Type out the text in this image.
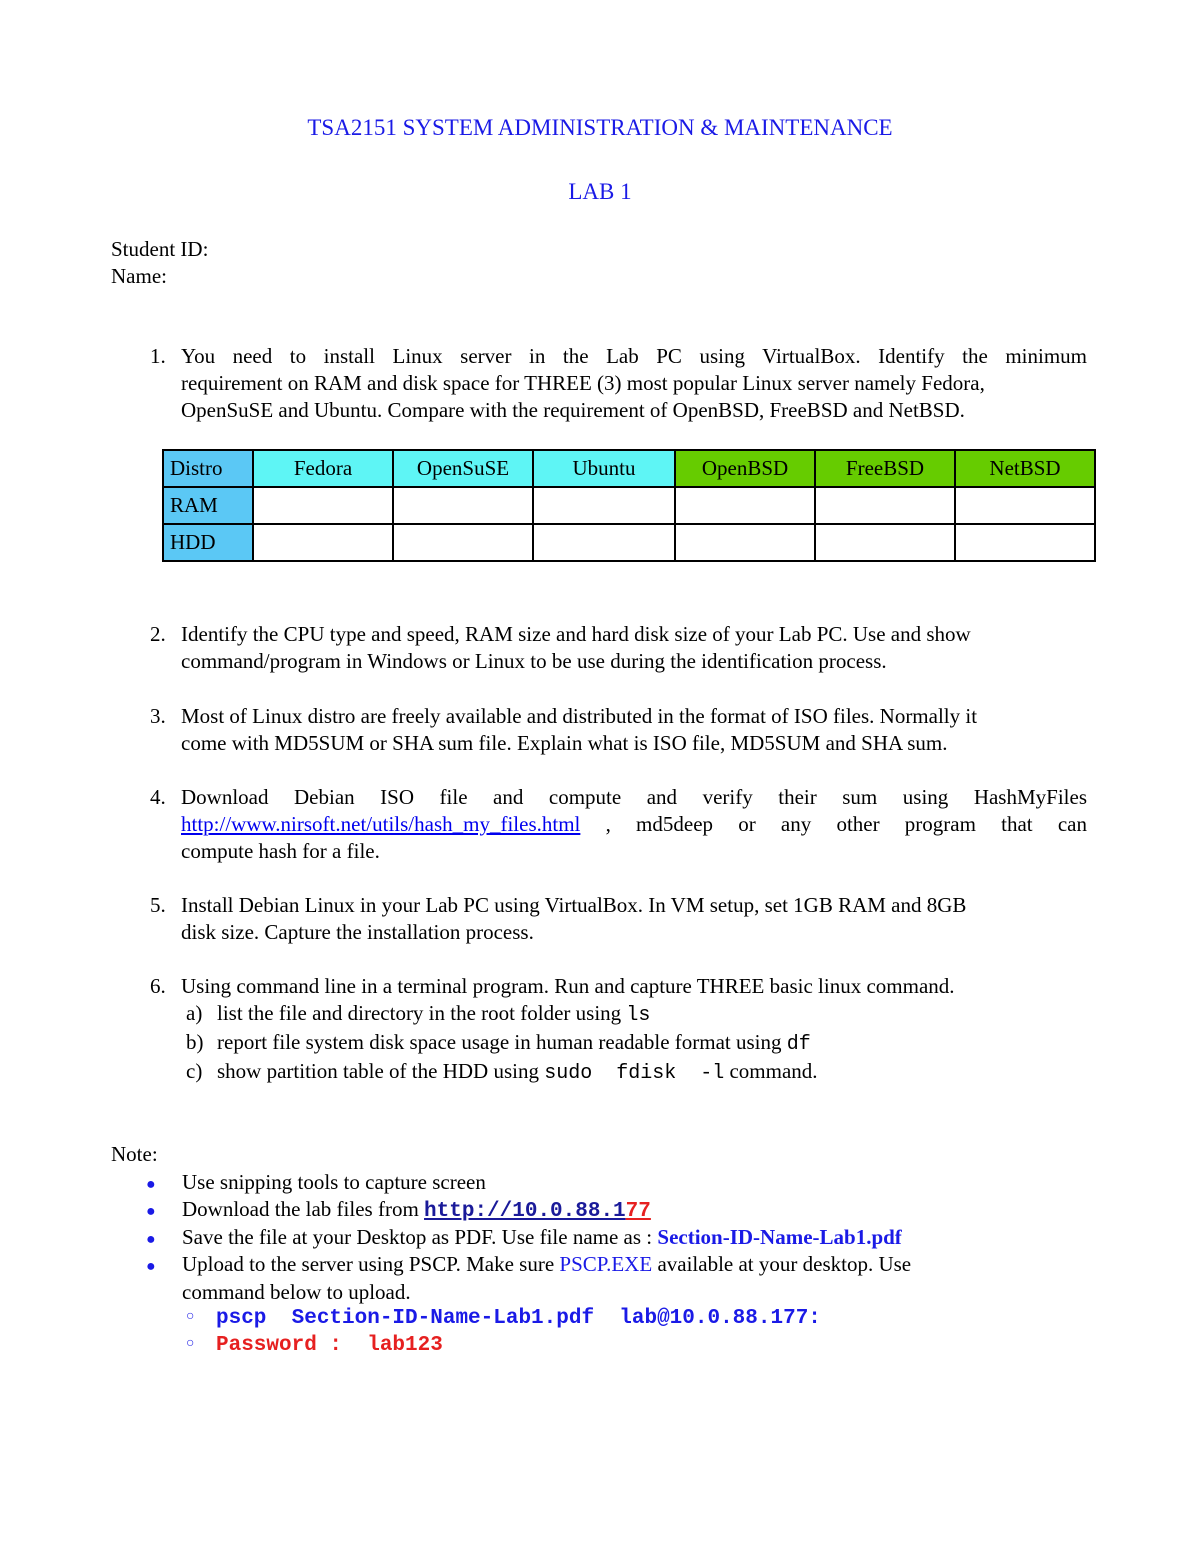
TSA2151 SYSTEM ADMINISTRATION & MAINTENANCE
LAB 1
Student ID:
Name:
1. You need to install Linux server in the Lab PC using VirtualBox. Identify the minimum
requirement on RAM and disk space for THREE (3) most popular Linux server namely Fedora,
OpenSuSE and Ubuntu. Compare with the requirement of OpenBSD, FreeBSD and NetBSD.
Distro	Fedora	OpenSuSE	Ubuntu	OpenBSD	FreeBSD	NetBSD
RAM						
HDD						
2. Identify the CPU type and speed, RAM size and hard disk size of your Lab PC. Use and show
command/program in Windows or Linux to be use during the identification process.
3. Most of Linux distro are freely available and distributed in the format of ISO files. Normally it
come with MD5SUM or SHA sum file. Explain what is ISO file, MD5SUM and SHA sum.
4. Download Debian ISO file and compute and verify their sum using HashMyFiles
http://www.nirsoft.net/utils/hash_my_files.html , md5deep or any other program that can
compute hash for a file.
5. Install Debian Linux in your Lab PC using VirtualBox. In VM setup, set 1GB RAM and 8GB
disk size. Capture the installation process.
6. Using command line in a terminal program. Run and capture THREE basic linux command.
a) list the file and directory in the root folder using ls
b) report file system disk space usage in human readable format using df
c) show partition table of the HDD using sudo  fdisk  -l command.
Note:
● Use snipping tools to capture screen
● Download the lab files from http://10.0.88.177
● Save the file at your Desktop as PDF. Use file name as : Section-ID-Name-Lab1.pdf
● Upload to the server using PSCP. Make sure PSCP.EXE available at your desktop. Use
command below to upload.
○ pscp  Section-ID-Name-Lab1.pdf  lab@10.0.88.177:
○ Password :  lab123
